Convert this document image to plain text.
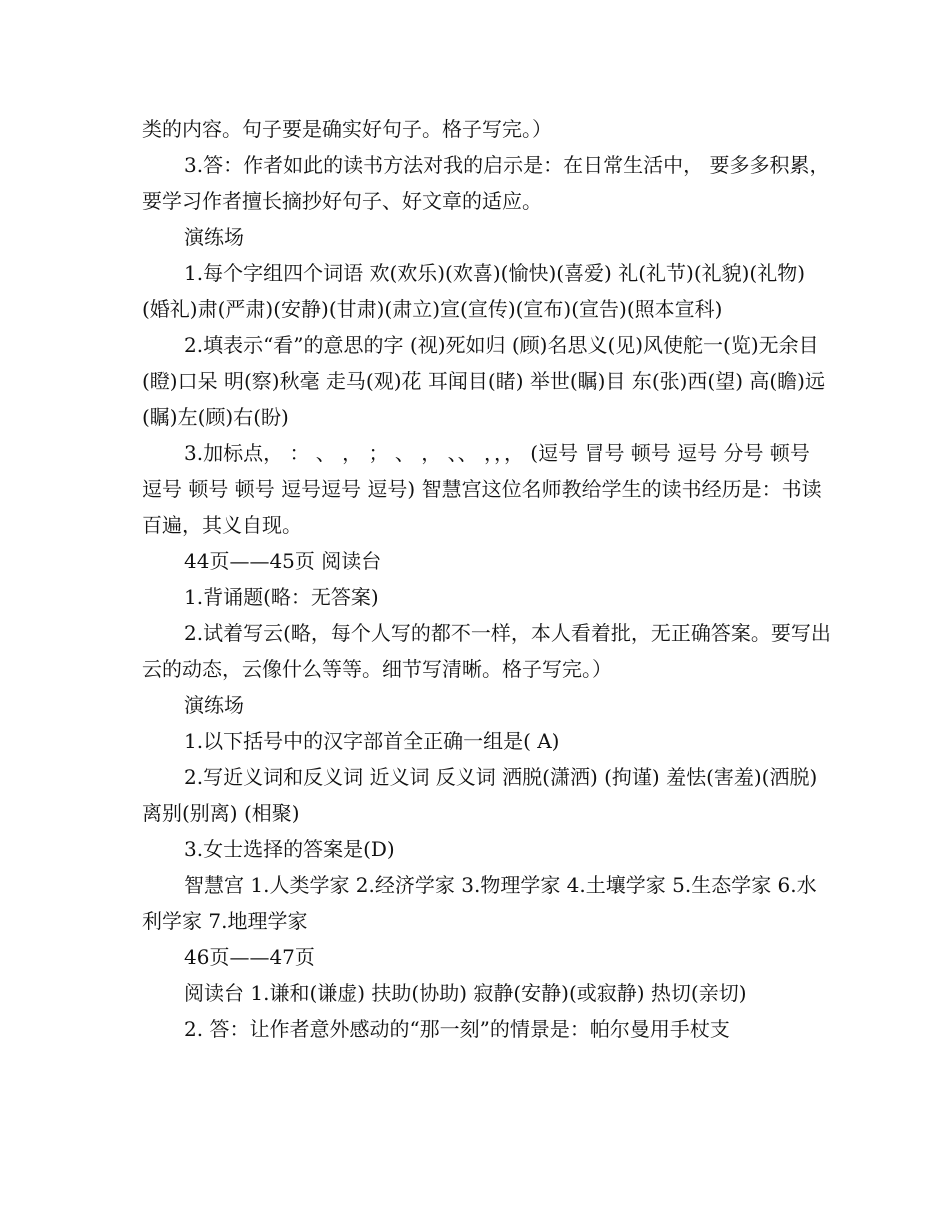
类的内容。句子要是确实好句子。格子写完。）

3.答：作者如此的读书方法对我的启示是：在日常生活中， 要多多积累， 要学习作者擅长摘抄好句子、好文章的适应。

演练场

1.每个字组四个词语 欢(欢乐)(欢喜)(愉快)(喜爱) 礼(礼节)(礼貌)(礼物)(婚礼)肃(严肃)(安静)(甘肃)(肃立)宣(宣传)(宣布)(宣告)(照本宣科)

2.填表示“看”的意思的字 (视)死如归 (顾)名思义(见)风使舵一(览)无余目(瞪)口呆 明(察)秋毫 走马(观)花 耳闻目(睹) 举世(瞩)目 东(张)西(望) 高(瞻)远(瞩)左(顾)右(盼)

3.加标点， ： 、 ， ； 、 ， 、、 ，，， (逗号 冒号 顿号 逗号 分号 顿号 逗号 顿号 顿号 逗号逗号 逗号) 智慧宫这位名师教给学生的读书经历是：书读百遍，其义自现。

44页——45页 阅读台

1.背诵题(略：无答案)

2.试着写云(略，每个人写的都不一样，本人看着批，无正确答案。要写出云的动态，云像什么等等。细节写清晰。格子写完。）

演练场

1.以下括号中的汉字部首全正确一组是( A)

2.写近义词和反义词 近义词 反义词 洒脱(潇洒) (拘谨) 羞怯(害羞)(洒脱)离别(别离) (相聚)

3.女士选择的答案是(D)

智慧宫 1.人类学家 2.经济学家 3.物理学家 4.土壤学家 5.生态学家 6.水利学家 7.地理学家

46页——47页

阅读台 1.谦和(谦虚) 扶助(协助) 寂静(安静)(或寂静) 热切(亲切)

2. 答：让作者意外感动的“那一刻”的情景是：帕尔曼用手杖支
